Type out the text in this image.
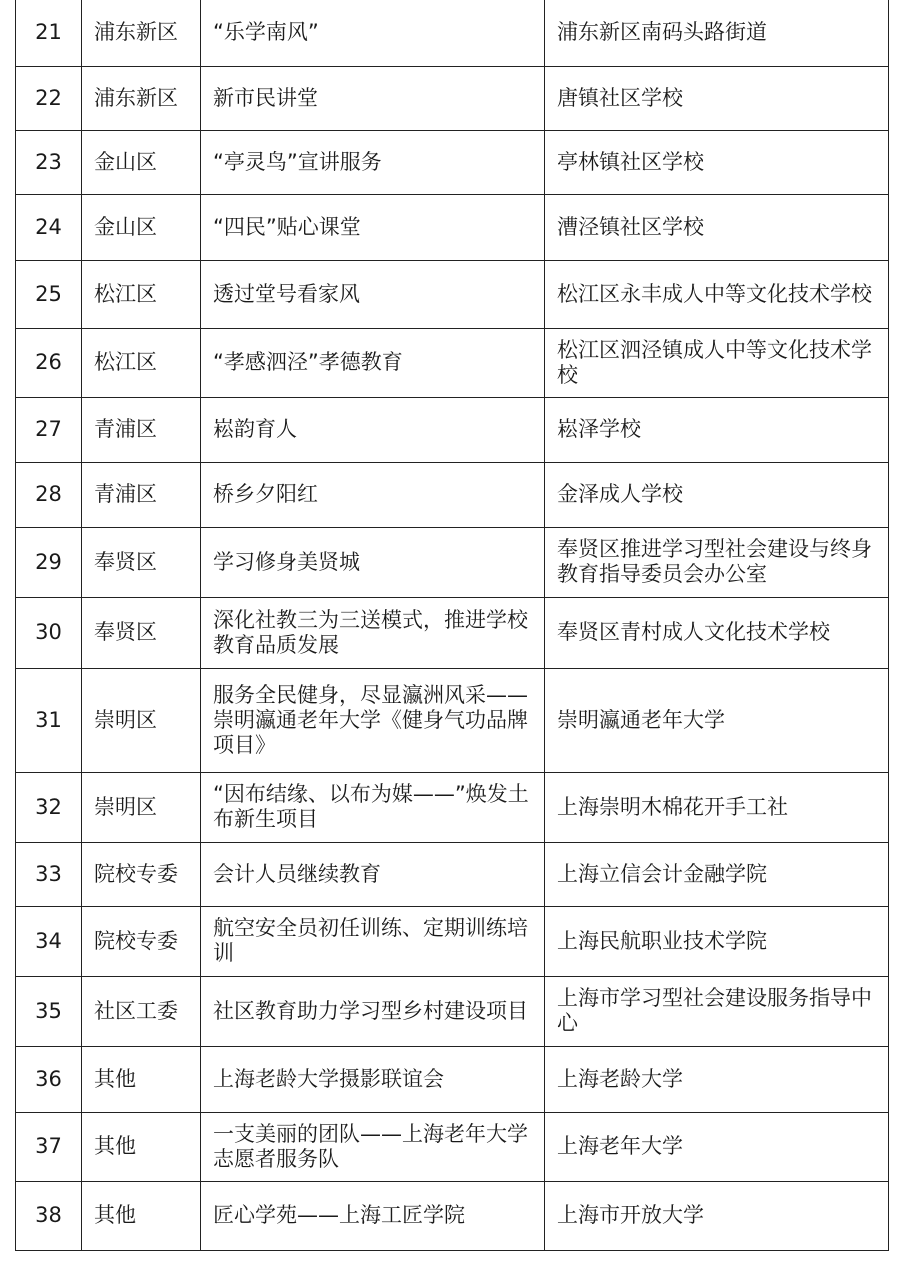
21	浦东新区	“乐学南风”	浦东新区南码头路街道
22	浦东新区	新市民讲堂	唐镇社区学校
23	金山区	“亭灵鸟”宣讲服务	亭林镇社区学校
24	金山区	“四民”贴心课堂	漕泾镇社区学校
25	松江区	透过堂号看家风	松江区永丰成人中等文化技术学校
26	松江区	“孝感泗泾”孝德教育	松江区泗泾镇成人中等文化技术学校
27	青浦区	崧韵育人	崧泽学校
28	青浦区	桥乡夕阳红	金泽成人学校
29	奉贤区	学习修身美贤城	奉贤区推进学习型社会建设与终身教育指导委员会办公室
30	奉贤区	深化社教三为三送模式，推进学校教育品质发展	奉贤区青村成人文化技术学校
31	崇明区	服务全民健身，尽显瀛洲风采——崇明瀛通老年大学《健身气功品牌项目》	崇明瀛通老年大学
32	崇明区	“因布结缘、以布为媒——”焕发土布新生项目	上海崇明木棉花开手工社
33	院校专委	会计人员继续教育	上海立信会计金融学院
34	院校专委	航空安全员初任训练、定期训练培训	上海民航职业技术学院
35	社区工委	社区教育助力学习型乡村建设项目	上海市学习型社会建设服务指导中心
36	其他	上海老龄大学摄影联谊会	上海老龄大学
37	其他	一支美丽的团队——上海老年大学志愿者服务队	上海老年大学
38	其他	匠心学苑——上海工匠学院	上海市开放大学
